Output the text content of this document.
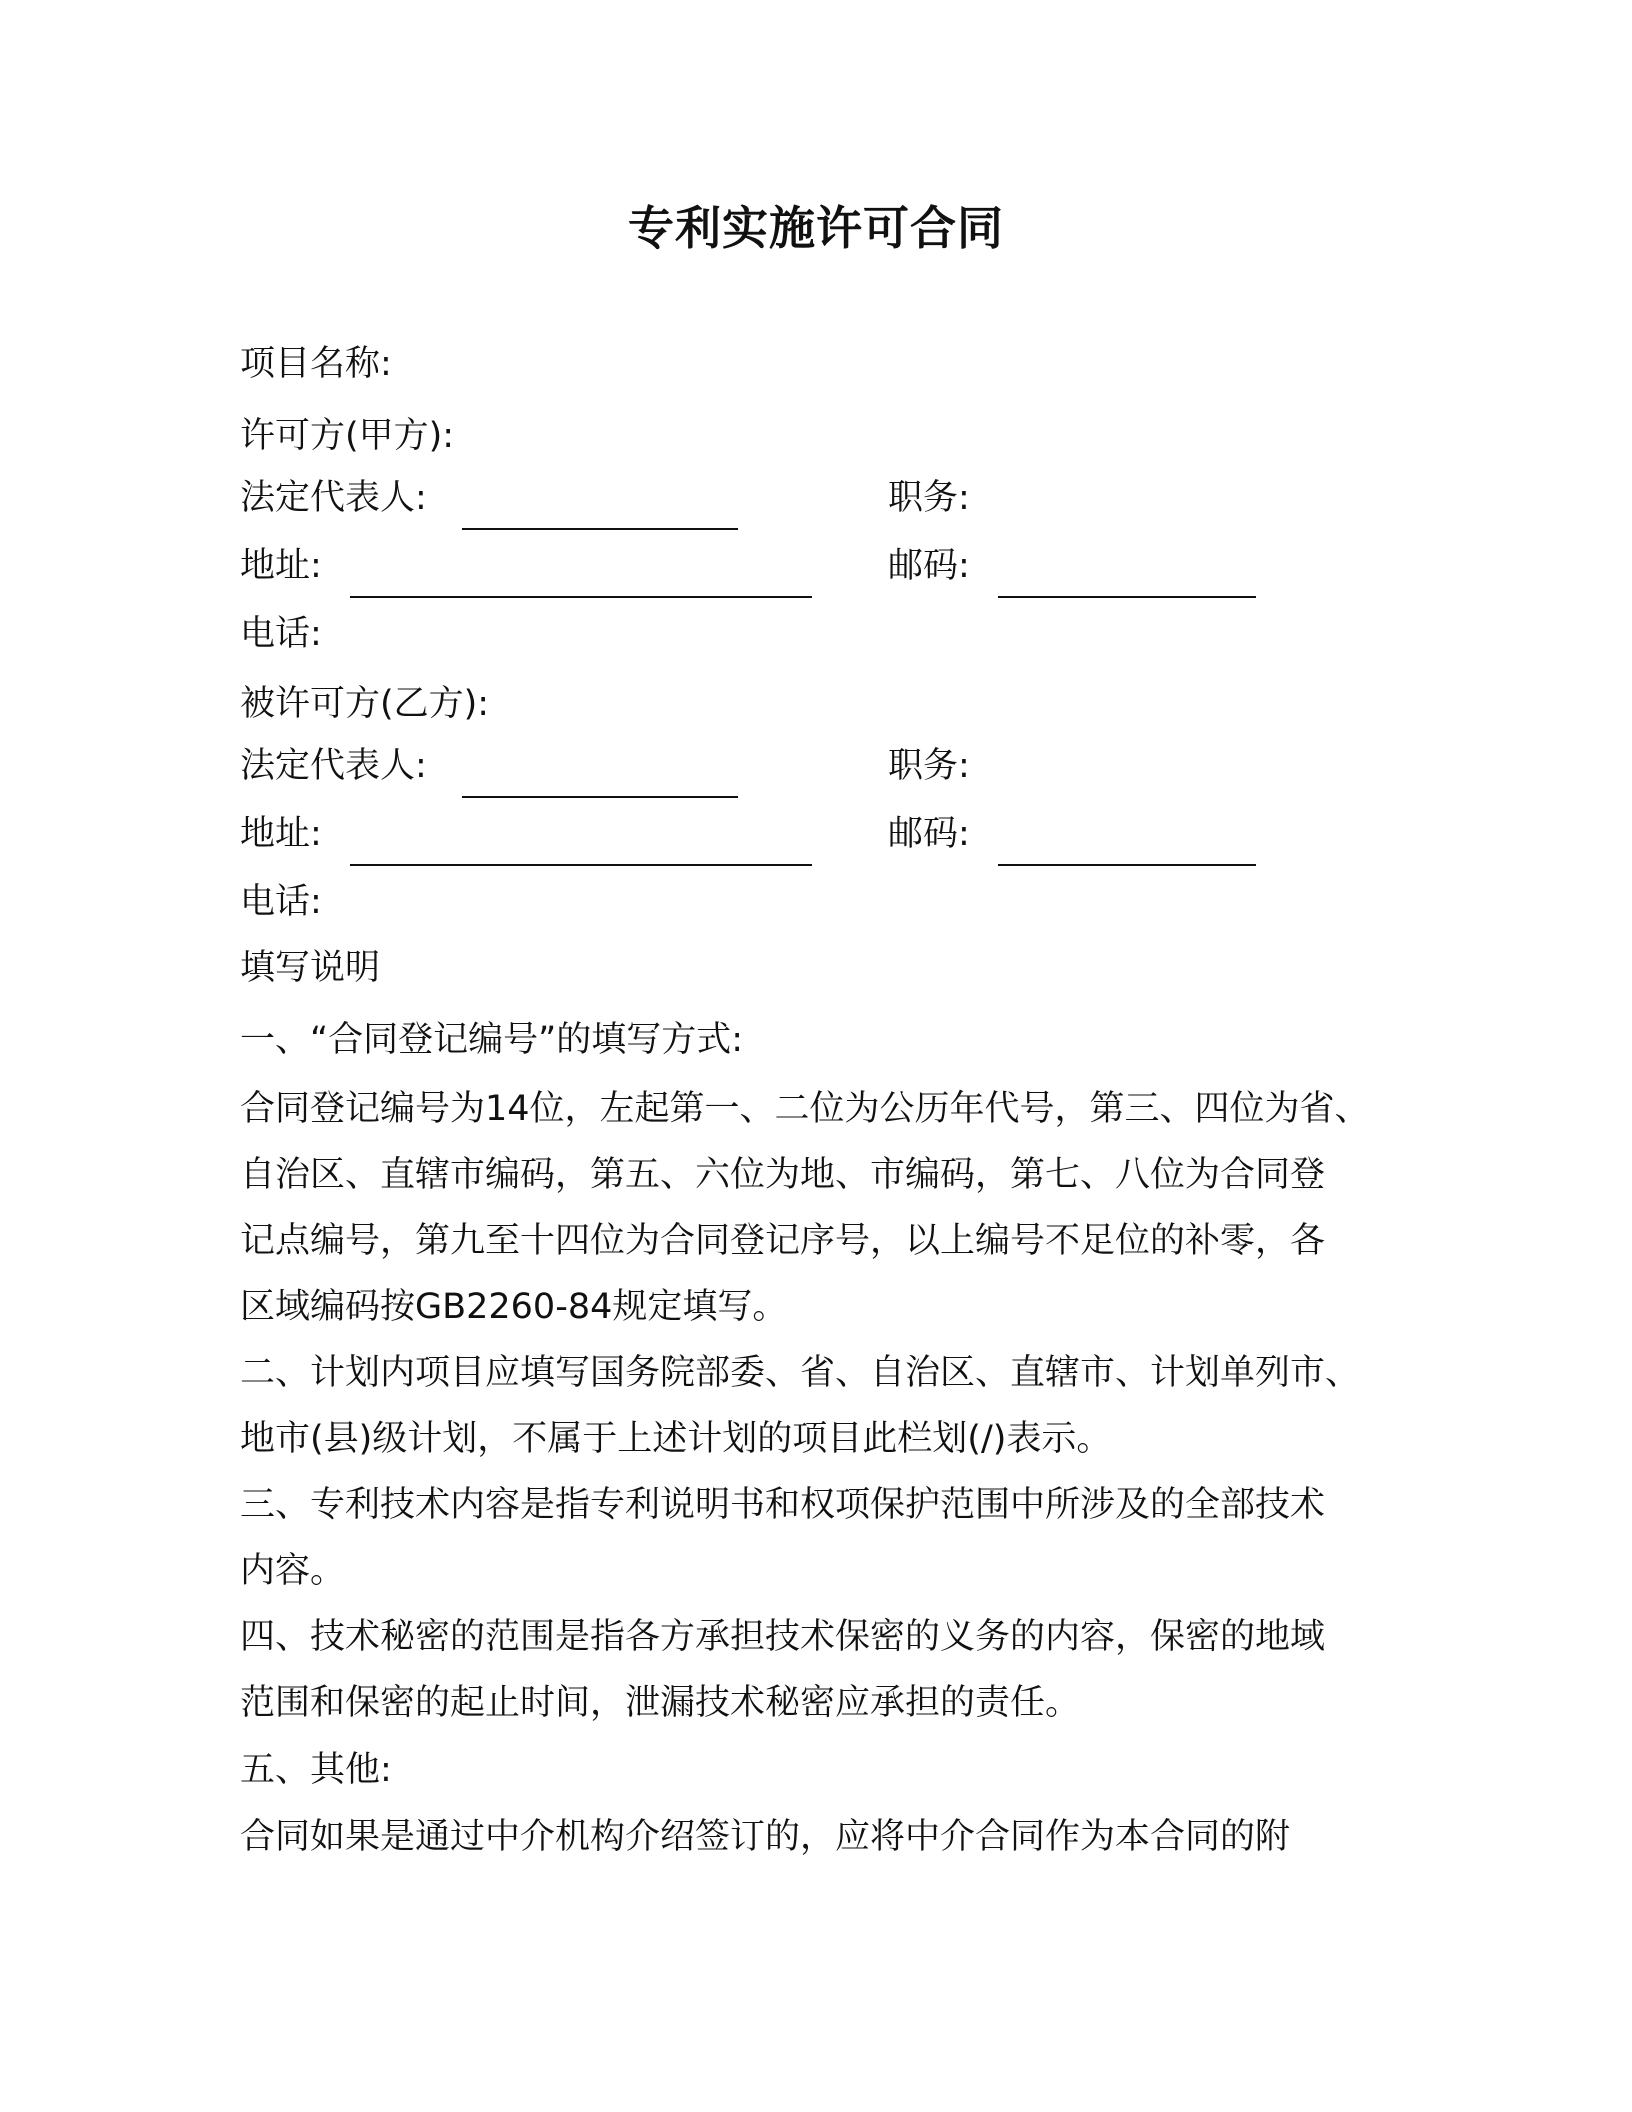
专利实施许可合同
项目名称:
许可方(甲方):
法定代表人:	职务:
地址:	邮码:
电话:
被许可方(乙方):
法定代表人:	职务:
地址:	邮码:
电话:
填写说明
一、“合同登记编号”的填写方式:
合同登记编号为14位，左起第一、二位为公历年代号，第三、四位为省、
自治区、直辖市编码，第五、六位为地、市编码，第七、八位为合同登
记点编号，第九至十四位为合同登记序号，以上编号不足位的补零，各
区域编码按GB2260-84规定填写。
二、计划内项目应填写国务院部委、省、自治区、直辖市、计划单列市、
地市(县)级计划，不属于上述计划的项目此栏划(/)表示。
三、专利技术内容是指专利说明书和权项保护范围中所涉及的全部技术
内容。
四、技术秘密的范围是指各方承担技术保密的义务的内容，保密的地域
范围和保密的起止时间，泄漏技术秘密应承担的责任。
五、其他:
合同如果是通过中介机构介绍签订的，应将中介合同作为本合同的附
